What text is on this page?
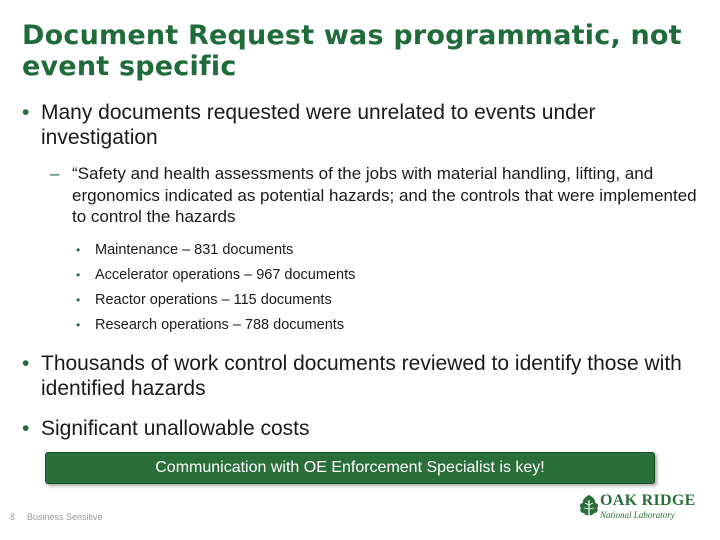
Document Request was programmatic, not event specific
• Many documents requested were unrelated to events under investigation
– “Safety and health assessments of the jobs with material handling, lifting, and ergonomics indicated as potential hazards; and the controls that were implemented to control the hazards
• Maintenance – 831 documents
• Accelerator operations – 967 documents
• Reactor operations – 115 documents
• Research operations – 788 documents
• Thousands of work control documents reviewed to identify those with identified hazards
• Significant unallowable costs
Communication with OE Enforcement Specialist is key!
8 Business Sensitive
OAK RIDGE
National Laboratory
